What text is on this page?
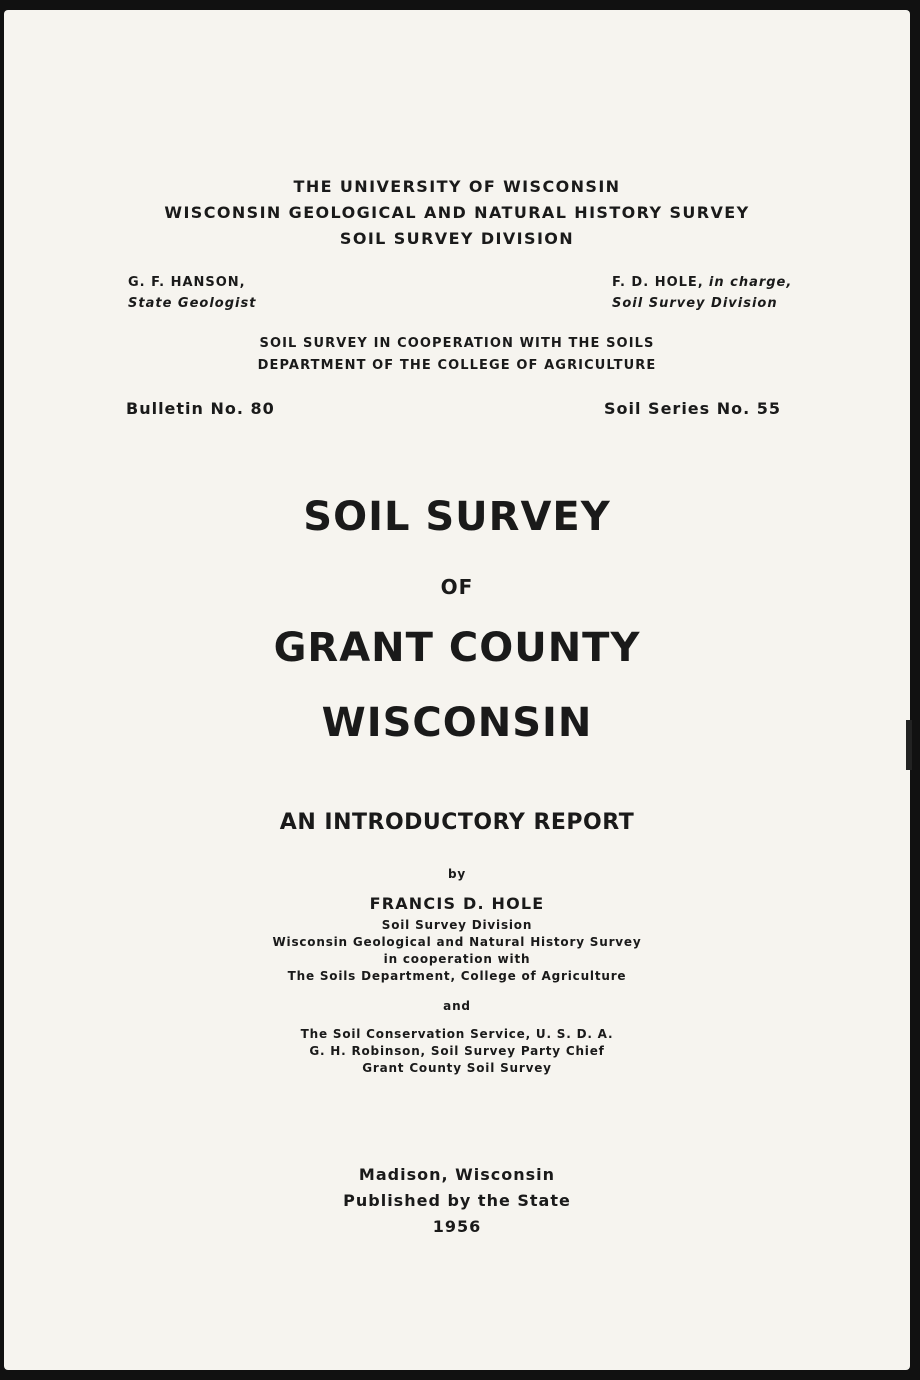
THE UNIVERSITY OF WISCONSIN
WISCONSIN GEOLOGICAL AND NATURAL HISTORY SURVEY
SOIL SURVEY DIVISION
G. F. HANSON,
State Geologist
F. D. HOLE, in charge,
Soil Survey Division
SOIL SURVEY IN COOPERATION WITH THE SOILS
DEPARTMENT OF THE COLLEGE OF AGRICULTURE
Bulletin No. 80	Soil Series No. 55
SOIL SURVEY
OF
GRANT COUNTY
WISCONSIN
AN INTRODUCTORY REPORT
by
FRANCIS D. HOLE
Soil Survey Division
Wisconsin Geological and Natural History Survey
in cooperation with
The Soils Department, College of Agriculture
and
The Soil Conservation Service, U. S. D. A.
G. H. Robinson, Soil Survey Party Chief
Grant County Soil Survey
Madison, Wisconsin
Published by the State
1956
